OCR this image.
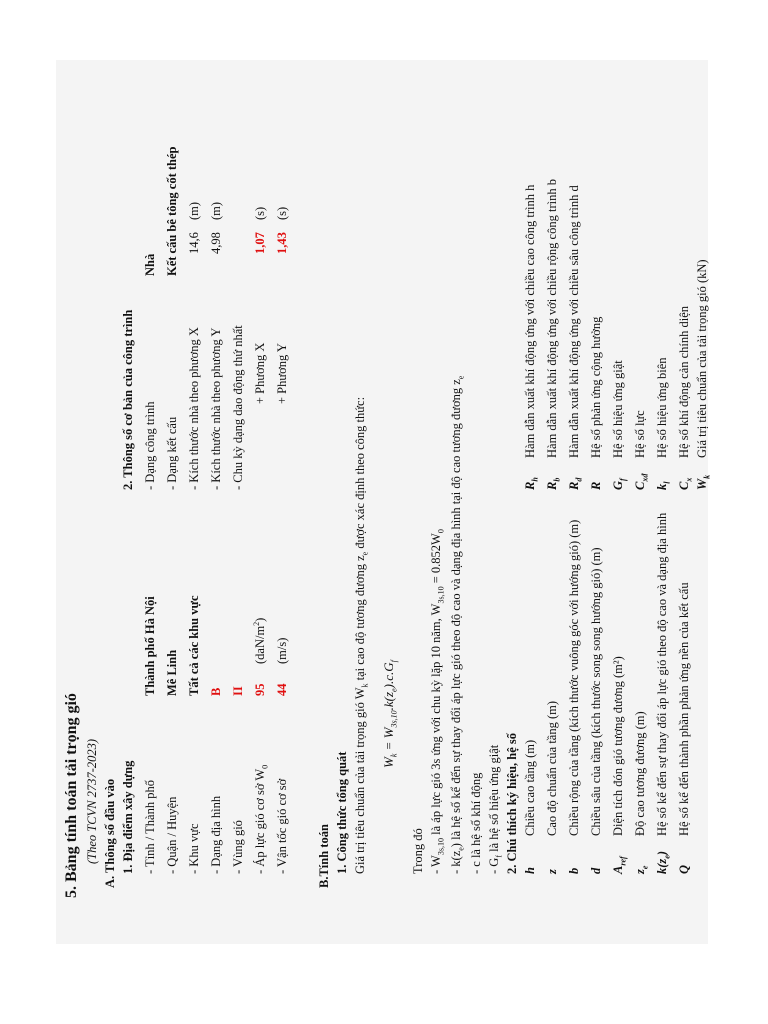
5. Bảng tính toán tải trọng gió (Theo TCVN 2737-2023) A. Thông số đầu vào 1. Địa điểm xây dựng - Tỉnh / Thành phố
Thành phố Hà Nội
- Quận / Huyện
Mê Linh
- Khu vực
Tất cả các khu vực
- Dạng địa hình
B
- Vùng gió
II
- Áp lực gió cơ sở $W_0$
95
$(daN/m^2)$
- Vận tốc gió cơ sở
44
(m/s)
2. Thông số cơ bản của công trình - Dạng công trình
Nhà
- Dạng kết cấu
Kết cấu bê tông cốt thép
- Kích thước nhà theo phương X
14,6
(m)
- Kích thước nhà theo phương Y
4,98
(m)
- Chu kỳ dạng dao động thứ nhất + Phương X
1,07
(s)
+ Phương Y
1,43
(s)
B.Tính toán 1. Công thức tổng quát Giá trị tiêu chuẩn của tải trọng gió $W_k$ tại cao độ tương đương $z_e$ được xác định theo công thức:
$W_k = W_{3s,10}.k(z_e).c.G_f$
Trong đó - $W_{3s,10}$ là áp lực gió 3s ứng với chu kỳ lặp 10 năm, $W_{3s,10} = 0.852W_0$
- $k(z_e)$ là hệ số kể đến sự thay đổi áp lực gió theo độ cao và dạng địa hình tại độ cao tương đương $z_e$
- c là hệ số khí động - $G_f$ là hệ số hiệu ứng giật 2. Chú thích ký hiệu, hệ số h
Chiều cao tầng (m)
z
Cao độ chuẩn của tầng (m)
b
Chiều rộng của tầng (kích thước vuông góc với hướng gió) (m)
d
Chiều sâu của tầng (kích thước song song hướng gió) (m)
$A_{ref}$
Diện tích đón gió tương đương (m²)
$z_e$
Độ cao tương đương (m)
$k(z_e)$
Hệ số kể đến sự thay đổi áp lực gió theo độ cao và dạng địa hình
Q
Hệ số kể đến thành phần phản ứng nền của kết cấu
$R_h$
Hàm dẫn xuất khí động ứng với chiều cao công trình h
$R_b$
Hàm dẫn xuất khí động ứng với chiều rộng công trình b
$R_d$
Hàm dẫn xuất khí động ứng với chiều sâu công trình d
R
Hệ số phản ứng cộng hưởng
$G_f$
Hệ số hiệu ứng giật
$C_{xđ}$
Hệ số lực
$k_l$
Hệ số hiệu ứng biên
$C_x$
Hệ số khí động cản chính diện
$W_k$
Giá trị tiêu chuẩn của tải trọng gió (kN)
